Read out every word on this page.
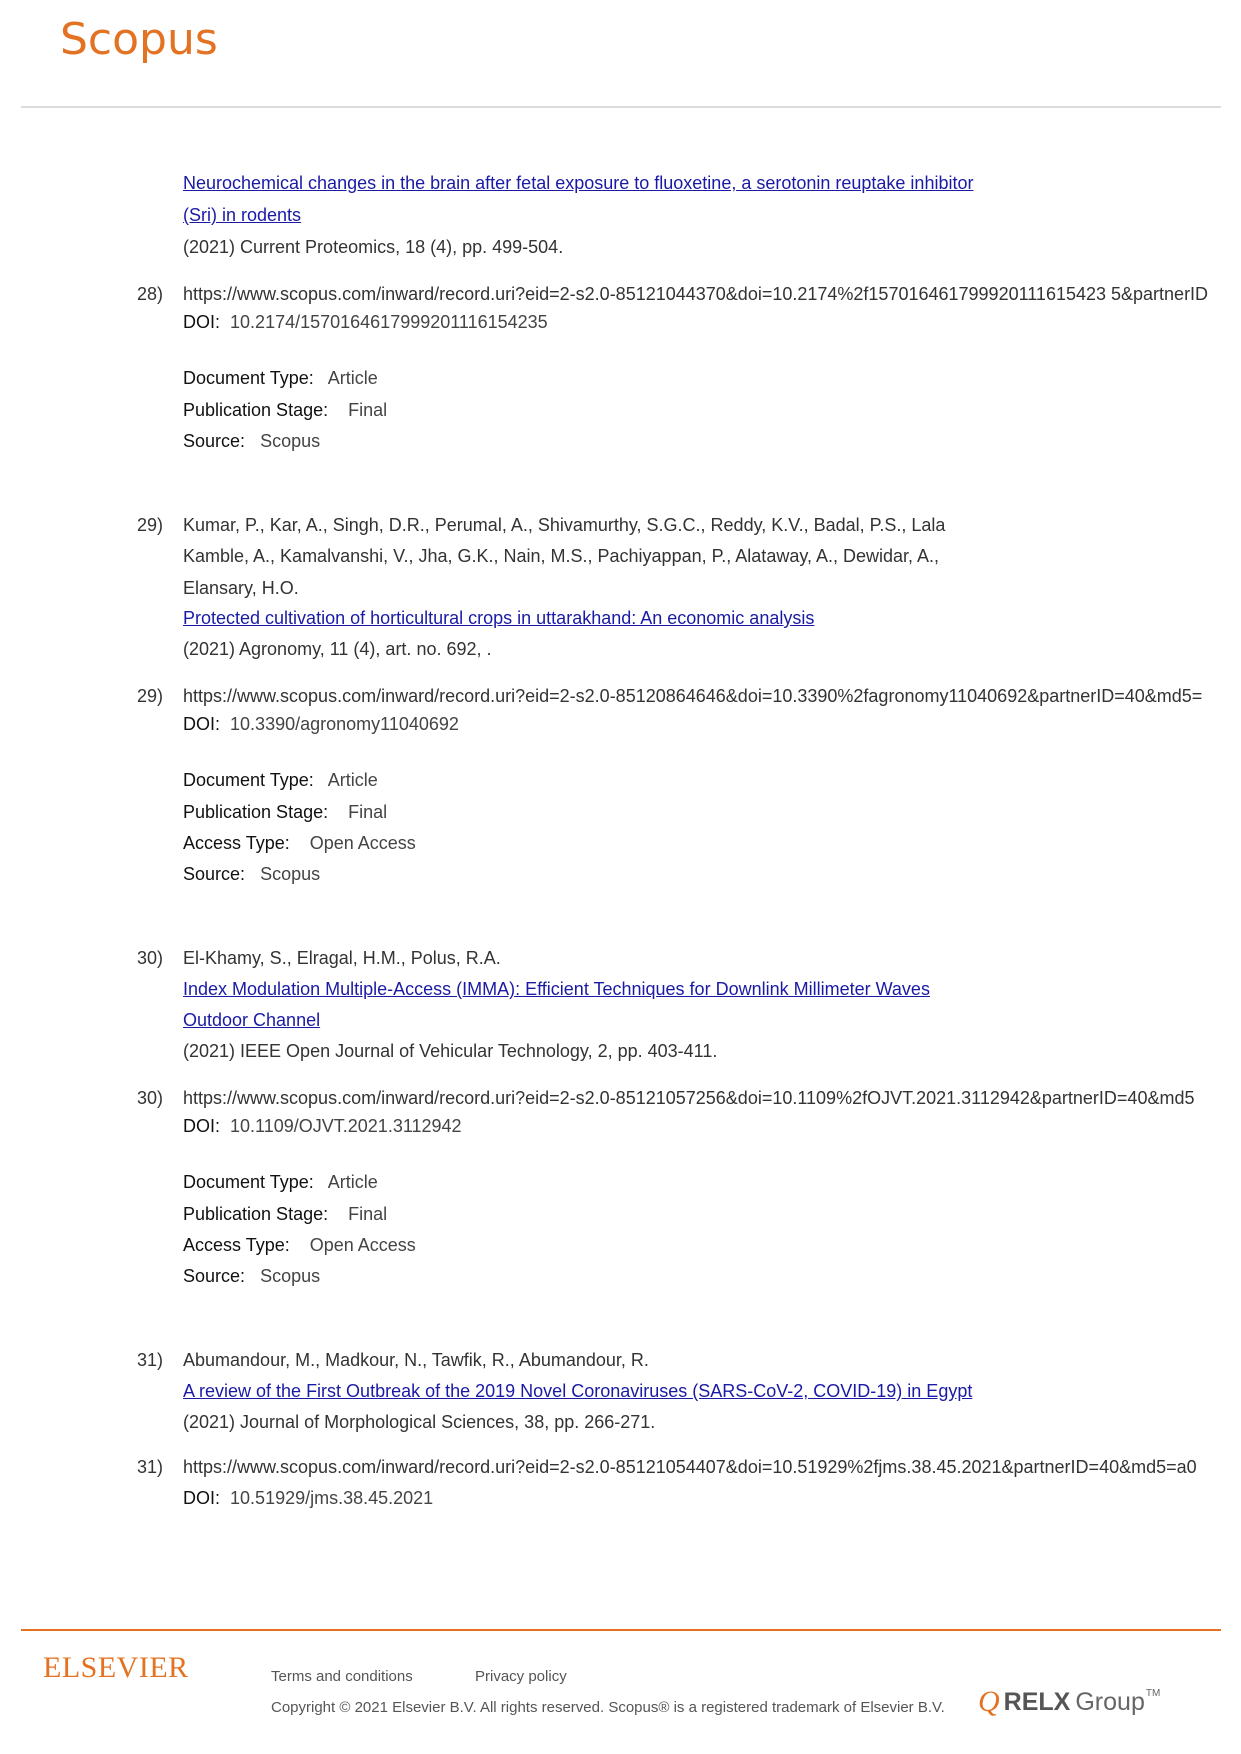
Scopus
Neurochemical changes in the brain after fetal exposure to fluoxetine, a serotonin reuptake inhibitor
(Sri) in rodents
(2021) Current Proteomics, 18 (4), pp. 499-504.
28) https://www.scopus.com/inward/record.uri?eid=2-s2.0-85121044370&doi=10.2174%2f157016461799920111615423 5&partnerID
DOI: 10.2174/1570164617999201116154235
Document Type: Article
Publication Stage: Final
Source: Scopus
29) Kumar, P., Kar, A., Singh, D.R., Perumal, A., Shivamurthy, S.G.C., Reddy, K.V., Badal, P.S., Lala
Kamble, A., Kamalvanshi, V., Jha, G.K., Nain, M.S., Pachiyappan, P., Alataway, A., Dewidar, A.,
Elansary, H.O.
Protected cultivation of horticultural crops in uttarakhand: An economic analysis
(2021) Agronomy, 11 (4), art. no. 692, .
29) https://www.scopus.com/inward/record.uri?eid=2-s2.0-85120864646&doi=10.3390%2fagronomy11040692&partnerID=40&md5=
DOI: 10.3390/agronomy11040692
Document Type: Article
Publication Stage: Final
Access Type: Open Access
Source: Scopus
30) El-Khamy, S., Elragal, H.M., Polus, R.A.
Index Modulation Multiple-Access (IMMA): Efficient Techniques for Downlink Millimeter Waves
Outdoor Channel
(2021) IEEE Open Journal of Vehicular Technology, 2, pp. 403-411.
30) https://www.scopus.com/inward/record.uri?eid=2-s2.0-85121057256&doi=10.1109%2fOJVT.2021.3112942&partnerID=40&md5
DOI: 10.1109/OJVT.2021.3112942
Document Type: Article
Publication Stage: Final
Access Type: Open Access
Source: Scopus
31) Abumandour, M., Madkour, N., Tawfik, R., Abumandour, R.
A review of the First Outbreak of the 2019 Novel Coronaviruses (SARS-CoV-2, COVID-19) in Egypt
(2021) Journal of Morphological Sciences, 38, pp. 266-271.
31) https://www.scopus.com/inward/record.uri?eid=2-s2.0-85121054407&doi=10.51929%2fjms.38.45.2021&partnerID=40&md5=a0
DOI: 10.51929/jms.38.45.2021
ELSEVIER	Terms and conditions	Privacy policy
Copyright © 2021 Elsevier B.V. All rights reserved. Scopus® is a registered trademark of Elsevier B.V. Q RELX Group TM
